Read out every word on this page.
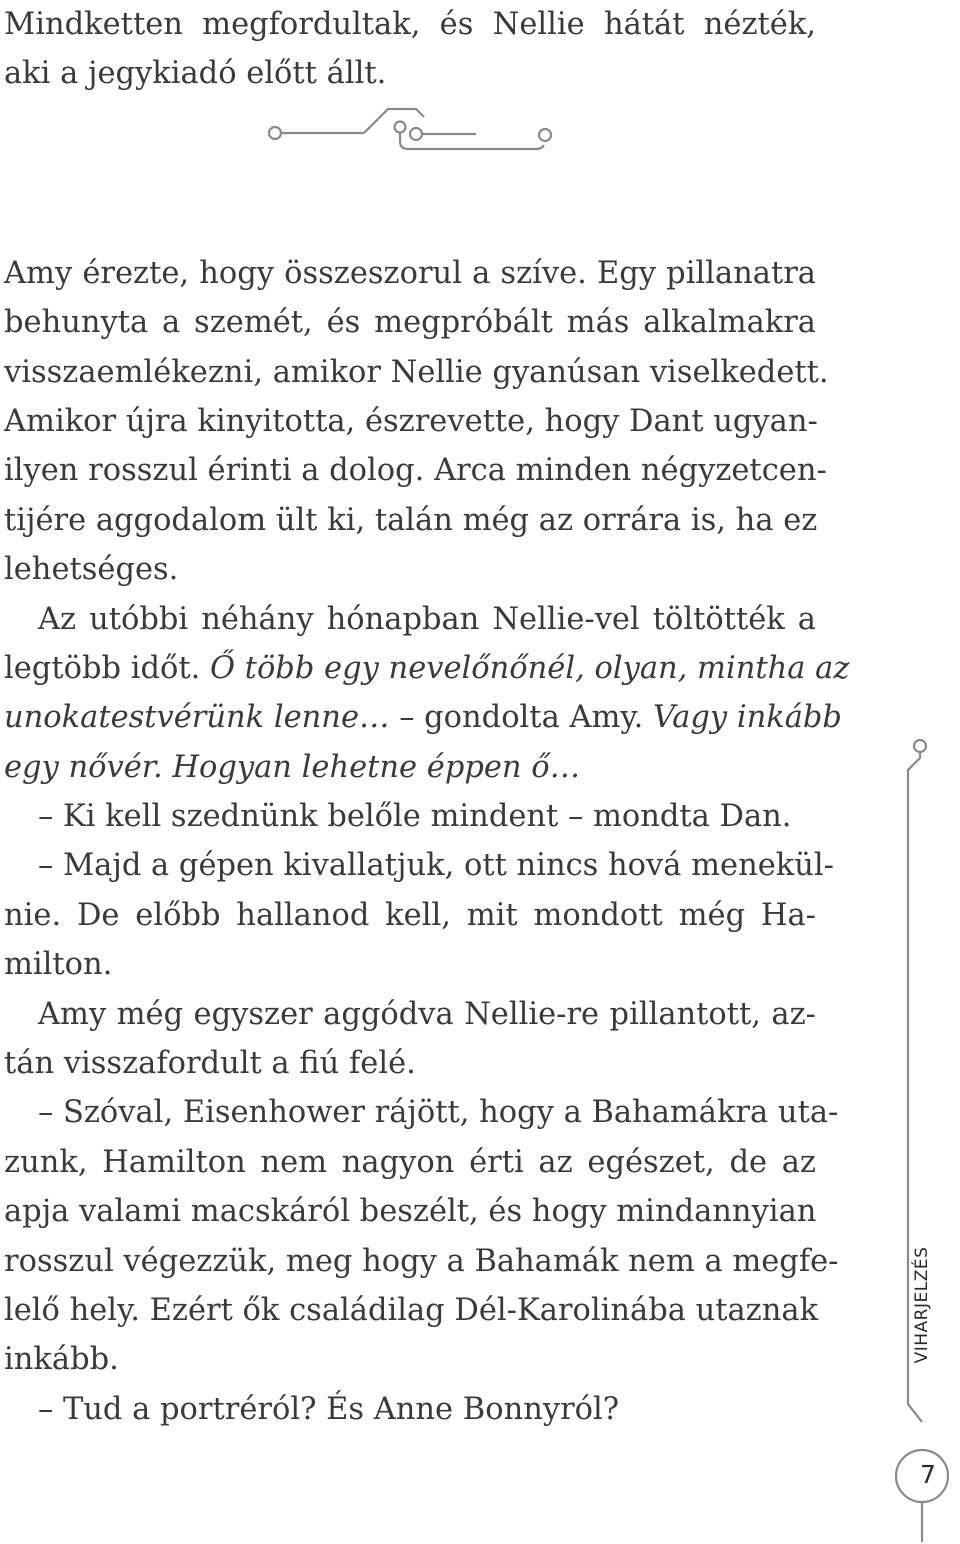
Mindketten megfordultak, és Nellie hátát nézték,
aki a jegykiadó előtt állt.
Amy érezte, hogy összeszorul a szíve. Egy pillanatra
behunyta a szemét, és megpróbált más alkalmakra
visszaemlékezni, amikor Nellie gyanúsan viselkedett.
Amikor újra kinyitotta, észrevette, hogy Dant ugyan-
ilyen rosszul érinti a dolog. Arca minden négyzetcen-
tijére aggodalom ült ki, talán még az orrára is, ha ez
lehetséges.
Az utóbbi néhány hónapban Nellie-vel töltötték a
legtöbb időt. Ő több egy nevelőnőnél, olyan, mintha az
unokatestvérünk lenne… – gondolta Amy. Vagy inkább
egy nővér. Hogyan lehetne éppen ő…
– Ki kell szednünk belőle mindent – mondta Dan.
– Majd a gépen kivallatjuk, ott nincs hová menekül-
nie. De előbb hallanod kell, mit mondott még Ha-
milton.
Amy még egyszer aggódva Nellie-re pillantott, az-
tán visszafordult a fiú felé.
– Szóval, Eisenhower rájött, hogy a Bahamákra uta-
zunk, Hamilton nem nagyon érti az egészet, de az
apja valami macskáról beszélt, és hogy mindannyian
rosszul végezzük, meg hogy a Bahamák nem a megfe-
lelő hely. Ezért ők családilag Dél-Karolinába utaznak
inkább.
– Tud a portréról? És Anne Bonnyról?
VIHARJELZÉS
7
